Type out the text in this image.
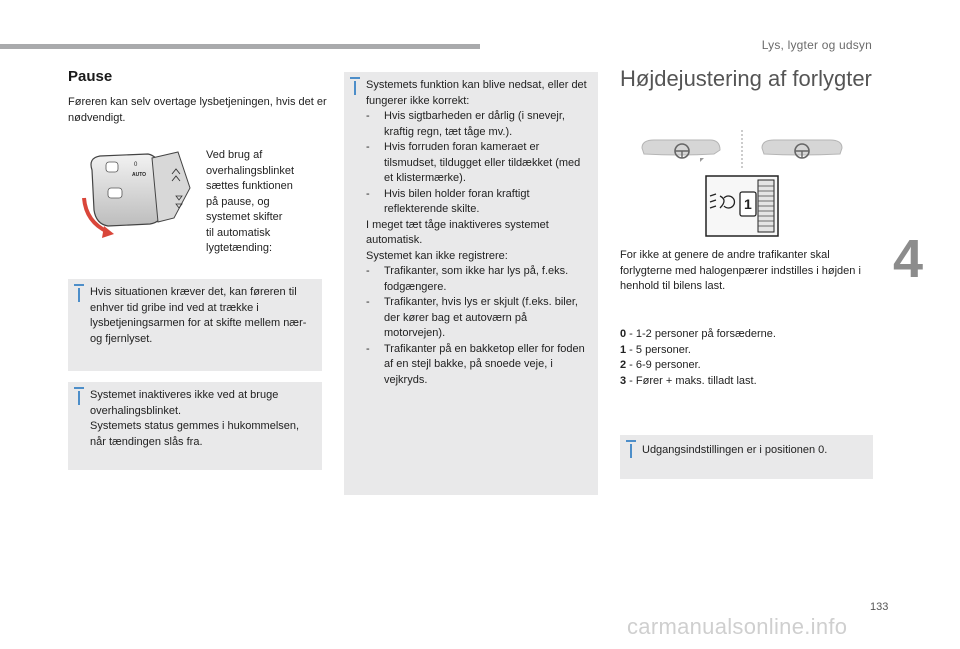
Lys, lygter og udsyn
4
133
carmanualsonline.info
Pause
Føreren kan selv overtage lysbetjeningen, hvis det er nødvendigt.
0
AUTO
Ved brug af
overhalingsblinket
sættes funktionen
på pause, og
systemet skifter
til automatisk
lygtetænding:
Hvis situationen kræver det, kan føreren til enhver tid gribe ind ved at trække i lysbetjeningsarmen for at skifte mellem nær- og fjernlyset.
Systemet inaktiveres ikke ved at bruge overhalingsblinket.
Systemets status gemmes i hukommelsen, når tændingen slås fra.
Systemets funktion kan blive nedsat, eller det fungerer ikke korrekt:
- Hvis sigtbarheden er dårlig (i snevejr, kraftig regn, tæt tåge mv.).
- Hvis forruden foran kameraet er tilsmudset, tildugget eller tildækket (med et klistermærke).
- Hvis bilen holder foran kraftigt reflekterende skilte.
I meget tæt tåge inaktiveres systemet automatisk.
Systemet kan ikke registrere:
- Trafikanter, som ikke har lys på, f.eks. fodgængere.
- Trafikanter, hvis lys er skjult (f.eks. biler, der kører bag et autoværn på motorvejen).
- Trafikanter på en bakketop eller for foden af en stejl bakke, på snoede veje, i vejkryds.
Højdejustering af forlygter
1
For ikke at genere de andre trafikanter skal forlygterne med halogenpærer indstilles i højden i henhold til bilens last.
0 - 1-2 personer på forsæderne.
1 - 5 personer.
2 - 6-9 personer.
3 - Fører + maks. tilladt last.
Udgangsindstillingen er i positionen 0.
